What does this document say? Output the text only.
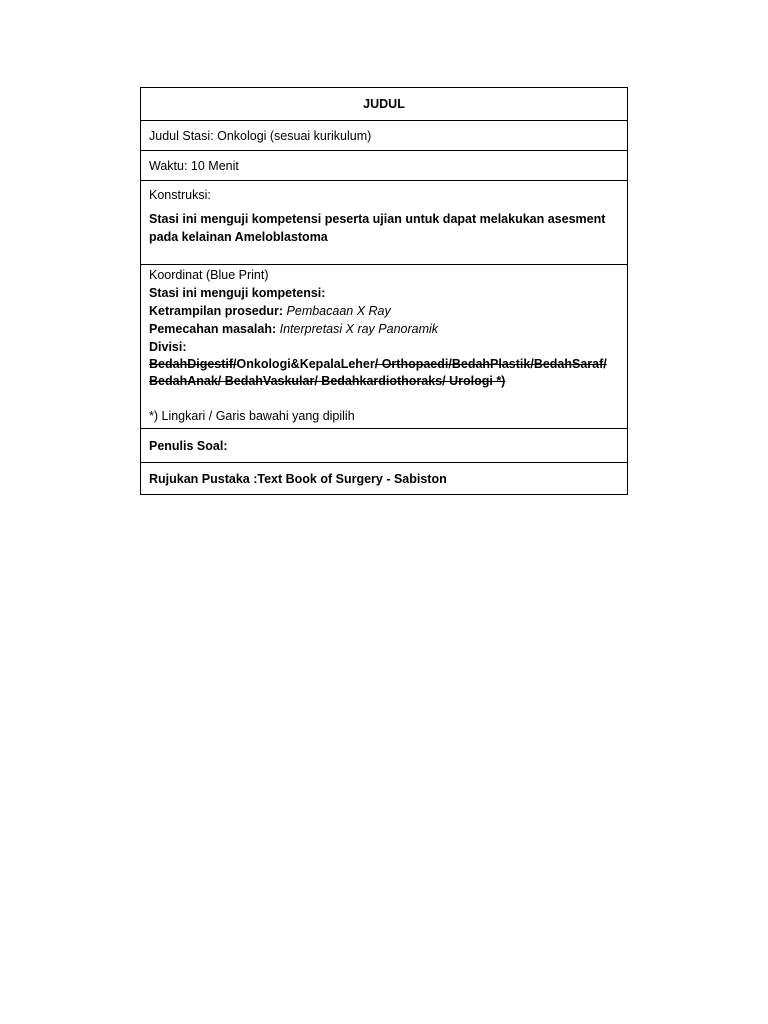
JUDUL
Judul Stasi: Onkologi (sesuai kurikulum)
Waktu: 10 Menit
Konstruksi:
Stasi ini menguji kompetensi peserta ujian untuk dapat melakukan asesment pada kelainan Ameloblastoma
Koordinat (Blue Print)
Stasi ini menguji kompetensi:
Ketrampilan prosedur: Pembacaan X Ray
Pemecahan masalah: Interpretasi X ray Panoramik
Divisi:
BedahDigestif/Onkologi&KepalaLeher/ Orthopaedi/BedahPlastik/BedahSaraf/ BedahAnak/ BedahVaskular/ Bedahkardiothoraks/ Urologi *)
*) Lingkari / Garis bawahi yang dipilih
Penulis Soal:
Rujukan Pustaka :Text Book of Surgery - Sabiston
